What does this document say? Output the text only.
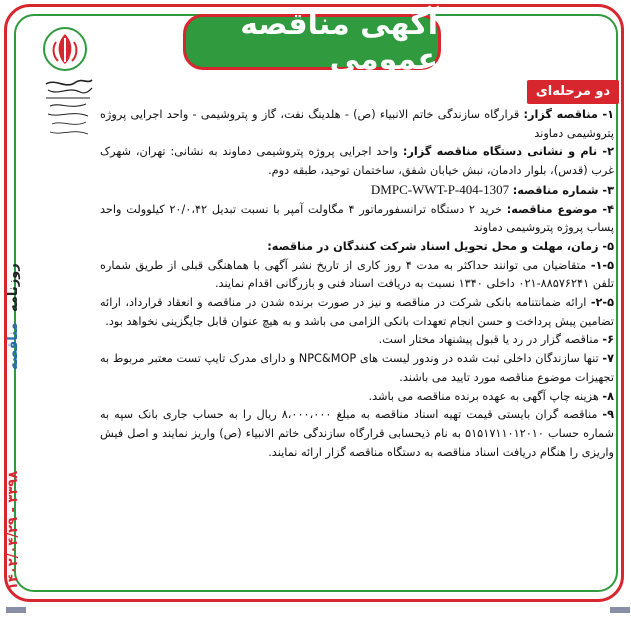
آگهی مناقصه عمومی
دو مرحله‌ای
۱۴۰۲/۰۴/۲۹ - ۳۳۹۸
مناقصه
روزنامه

۱- مناقصه گزار: قرارگاه سازندگی خاتم الانبیاء (ص) - هلدینگ نفت، گاز و پتروشیمی - واحد اجرایی پروژه پتروشیمی دماوند

۲- نام و نشانی دستگاه مناقصه گزار: واحد اجرایی پروژه پتروشیمی دماوند به نشانی: تهران، شهرک غرب (قدس)، بلوار دادمان، نبش خیابان شفق، ساختمان توحید، طبقه دوم.

۳- شماره مناقصه: DMPC-WWT-P-404-1307

۴- موضوع مناقصه: خرید ۲ دستگاه ترانسفورماتور ۴ مگاولت آمپر با نسبت تبدیل ۲۰/۰،۴۲ کیلوولت واحد پساب پروژه پتروشیمی دماوند

۵- زمان، مهلت و محل تحویل اسناد شرکت کنندگان در مناقصه:

۱-۵- متقاضیان می توانند حداکثر به مدت ۴ روز کاری از تاریخ نشر آگهی با هماهنگی قبلی از طریق شماره تلفن ۸۸۵۷۶۲۴۱-۰۲۱ داخلی ۱۳۴۰ نسبت به دریافت اسناد فنی و بازرگانی اقدام نمایند.

۲-۵- ارائه ضمانتنامه بانکی شرکت در مناقصه و نیز در صورت برنده شدن در مناقصه و انعقاد قرارداد، ارائه تضامین پیش پرداخت و حسن انجام تعهدات بانکی الزامی می باشد و به هیچ عنوان قابل جایگزینی نخواهد بود.

۶- مناقصه گزار در رد یا قبول پیشنهاد مختار است.

۷- تنها سازندگان داخلی ثبت شده در وندور لیست های NPC&MOP و دارای مدرک تایپ تست معتبر مربوط به تجهیزات موضوع مناقصه مورد تایید می باشند.

۸- هزینه چاپ آگهی به عهده برنده مناقصه می باشد.

۹- مناقصه گران بایستی قیمت تهیه اسناد مناقصه به مبلغ ۸،۰۰۰،۰۰۰ ریال را به حساب جاری بانک سپه به شماره حساب ۵۱۵۱۷۱۱۰۱۲۰۱۰ به نام ذیحسابی قرارگاه سازندگی خاتم الانبیاء (ص) واریز نمایند و اصل فیش واریزی را هنگام دریافت اسناد مناقصه به دستگاه مناقصه گزار ارائه نمایند.
